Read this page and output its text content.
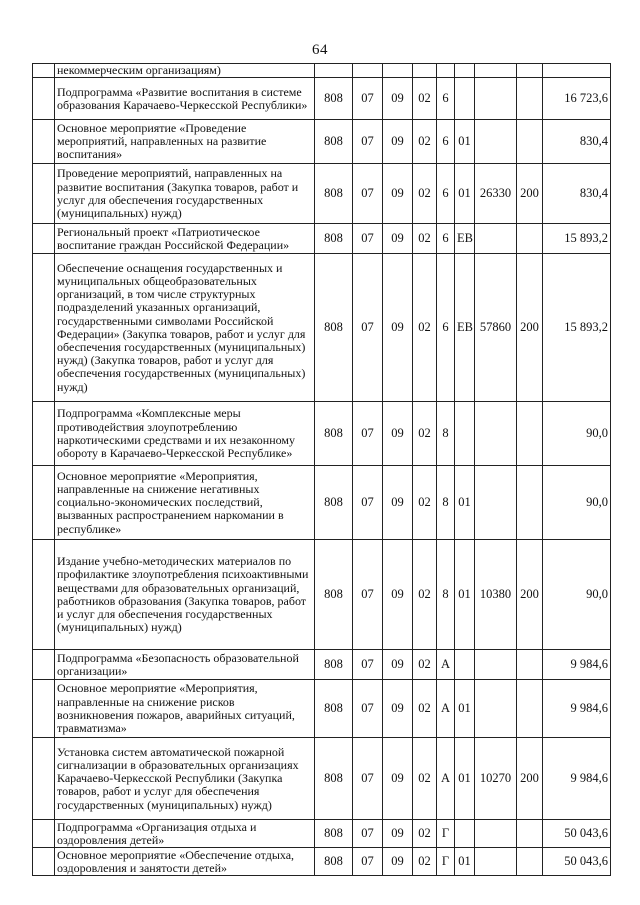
64
	некоммерческим организациям)									
	Подпрограмма «Развитие воспитания в системе образования Карачаево-Черкесской Республики»	808	07	09	02	6				16 723,6
	Основное мероприятие «Проведение мероприятий, направленных на развитие воспитания»	808	07	09	02	6	01			830,4
	Проведение мероприятий, направленных на развитие воспитания (Закупка товаров, работ и услуг для обеспечения государственных (муниципальных) нужд)	808	07	09	02	6	01	26330	200	830,4
	Региональный проект «Патриотическое воспитание граждан Российской Федерации»	808	07	09	02	6	ЕВ			15 893,2
	Обеспечение оснащения государственных и муниципальных общеобразовательных организаций, в том числе структурных подразделений указанных организаций, государственными символами Российской Федерации» (Закупка товаров, работ и услуг для обеспечения государственных (муниципальных) нужд) (Закупка товаров, работ и услуг для обеспечения государственных (муниципальных) нужд)	808	07	09	02	6	ЕВ	57860	200	15 893,2
	Подпрограмма «Комплексные меры противодействия злоупотреблению наркотическими средствами и их незаконному обороту в Карачаево-Черкесской Республике»	808	07	09	02	8				90,0
	Основное мероприятие «Мероприятия, направленные на снижение негативных социально-экономических последствий, вызванных распространением наркомании в республике»	808	07	09	02	8	01			90,0
	Издание учебно-методических материалов по профилактике злоупотребления психоактивными веществами для образовательных организаций, работников образования (Закупка товаров, работ и услуг для обеспечения государственных (муниципальных) нужд)	808	07	09	02	8	01	10380	200	90,0
	Подпрограмма «Безопасность образовательной организации»	808	07	09	02	А				9 984,6
	Основное мероприятие «Мероприятия, направленные на снижение рисков возникновения пожаров, аварийных ситуаций, травматизма»	808	07	09	02	А	01			9 984,6
	Установка систем автоматической пожарной сигнализации в образовательных организациях Карачаево-Черкесской Республики (Закупка товаров, работ и услуг для обеспечения государственных (муниципальных) нужд)	808	07	09	02	А	01	10270	200	9 984,6
	Подпрограмма «Организация отдыха и оздоровления детей»	808	07	09	02	Г				50 043,6
	Основное мероприятие «Обеспечение отдыха, оздоровления и занятости детей»	808	07	09	02	Г	01			50 043,6
